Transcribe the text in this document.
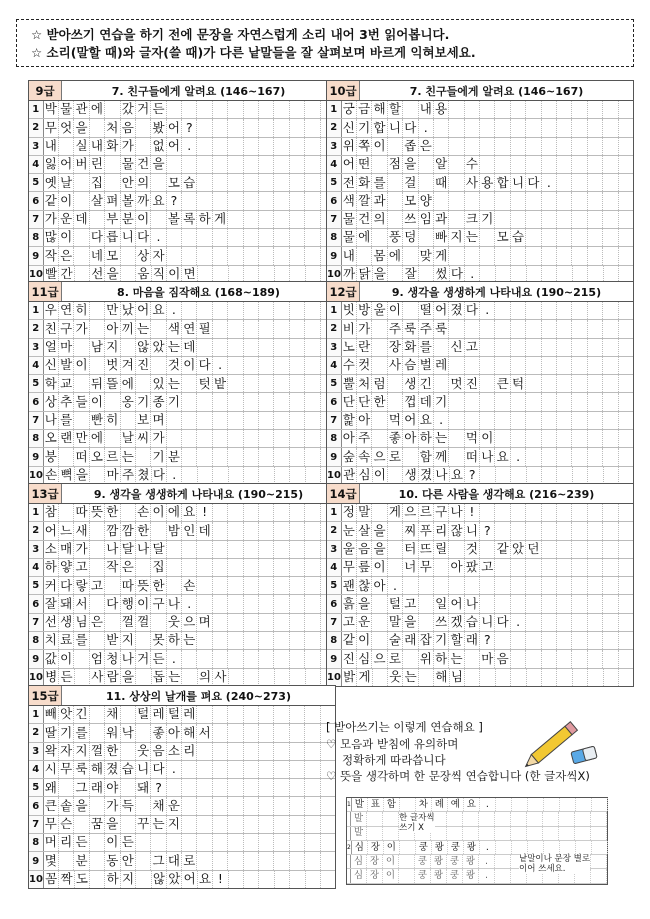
☆ 받아쓰기 연습을 하기 전에 문장을 자연스럽게 소리 내어 3번 읽어봅니다.
☆ 소리(말할 때)와 글자(쓸 때)가 다른 낱말들을 잘 살펴보며 바르게 익혀보세요.
9급	7. 친구들에게 알려요 (146~167)
1 박 물 관 에 갔 거 든
2 무 엇 을 처 음 봤 어 ?
3 내 실 내 화 가 없 어 .
4 잃 어 버 린 물 건 을
5 옛 날 집 안 의 모 습
6 같 이 살 펴 볼 까 요 ?
7 가 운 데 부 분 이 볼 록 하 게
8 많 이 다 릅 니 다 .
9 작 은 네 모 상 자
10 빨 간 선 을 움 직 이 면
10급	7. 친구들에게 알려요 (146~167)
1 궁 금 해 할 내 용
2 신 기 합 니 다 .
3 위 쪽 이 좁 은
4 어 떤 점 을 알 수
5 전 화 를 걸 때 사 용 합 니 다 .
6 색 깔 과 모 양
7 물 건 의 쓰 임 과 크 기
8 물 에 풍 덩 빠 지 는 모 습
9 내 몸 에 맞 게
10 까 닭 을 잘 썼 다 .
11급	8. 마음을 짐작해요 (168~189)
1 우 연 히 만 났 어 요 .
2 친 구 가 아 끼 는 색 연 필
3 얼 마 남 지 않 았 는 데
4 신 발 이 벗 겨 진 것 이 다 .
5 학 교 뒤 뜰 에 있 는 텃 밭
6 상 추 들 이 옹 기 종 기
7 나 를 빤 히 보 며
8 오 랜 만 에 날 씨 가
9 붕 떠 오 르 는 기 분
10 손 뼉 을 마 주 쳤 다 .
12급	9. 생각을 생생하게 나타내요 (190~215)
1 빗 방 울 이 떨 어 졌 다 .
2 비 가 주 룩 주 룩
3 노 란 장 화 를 신 고
4 수 컷 사 슴 벌 레
5 뿔 처 럼 생 긴 멋 진 큰 턱
6 단 단 한 껍 데 기
7 핥 아 먹 어 요 .
8 아 주 좋 아 하 는 먹 이
9 숲 속 으 로 함 께 떠 나 요 .
10 관 심 이 생 겼 나 요 ?
13급	9. 생각을 생생하게 나타내요 (190~215)
1 참 따 뜻 한 손 이 에 요 !
2 어 느 새 깜 깜 한 밤 인 데
3 소 매 가 나 달 나 달
4 하 얗 고 작 은 집
5 커 다 랗 고 따 뜻 한 손
6 잘 돼 서 다 행 이 구 나 .
7 선 생 님 은 껄 껄 웃 으 며
8 치 료 를 받 지 못 하 는
9 값 이 엄 청 나 거 든 .
10 병 든 사 람 을 돕 는 의 사
14급	10. 다른 사람을 생각해요 (216~239)
1 정 말 게 으 르 구 나 !
2 눈 살 을 찌 푸 리 잖 니 ?
3 울 음 을 터 뜨 릴 것 같 았 던
4 무 릎 이 너 무 아 팠 고
5 괜 찮 아 .
6 흙 을 털 고 일 어 나
7 고 운 말 을 쓰 겠 습 니 다 .
8 같 이 술 래 잡 기 할 래 ?
9 진 심 으 로 위 하 는 마 음
10 밝 게 웃 는 해 님
15급	11. 상상의 날개를 펴요 (240~273)
1 빼 앗 긴 채 털 레 털 레
2 딸 기 를 워 낙 좋 아 해 서
3 왁 자 지 껄 한 웃 음 소 리
4 시 무 룩 해 졌 습 니 다 .
5 왜 그 래 야 돼 ?
6 큰 솥 을 가 득 채 운
7 무 슨 꿈 을 꾸 는 지
8 머 리 든 이 든
9 몇 분 동 안 그 대 로
10 꼼 짝 도 하 지 않 았 어 요 !
[ 받아쓰기는 이렇게 연습해요 ]
♡ 모음과 받침에 유의하며
정확하게 따라씁니다
♡ 뜻을 생각하며 한 문장씩 연습합니다 (한 글자씩X)
1 발 표 함	차 례 예 요	.
발
발
2 심 장 이	쿵 쾅 쿵 쾅	.
심 장 이	쿵 쾅 쿵 쾅	.
심 장 이	쿵 쾅 쿵 쾅	.
한 글자씩
쓰기 X
낱말이나 문장 별로
이어 쓰세요.
